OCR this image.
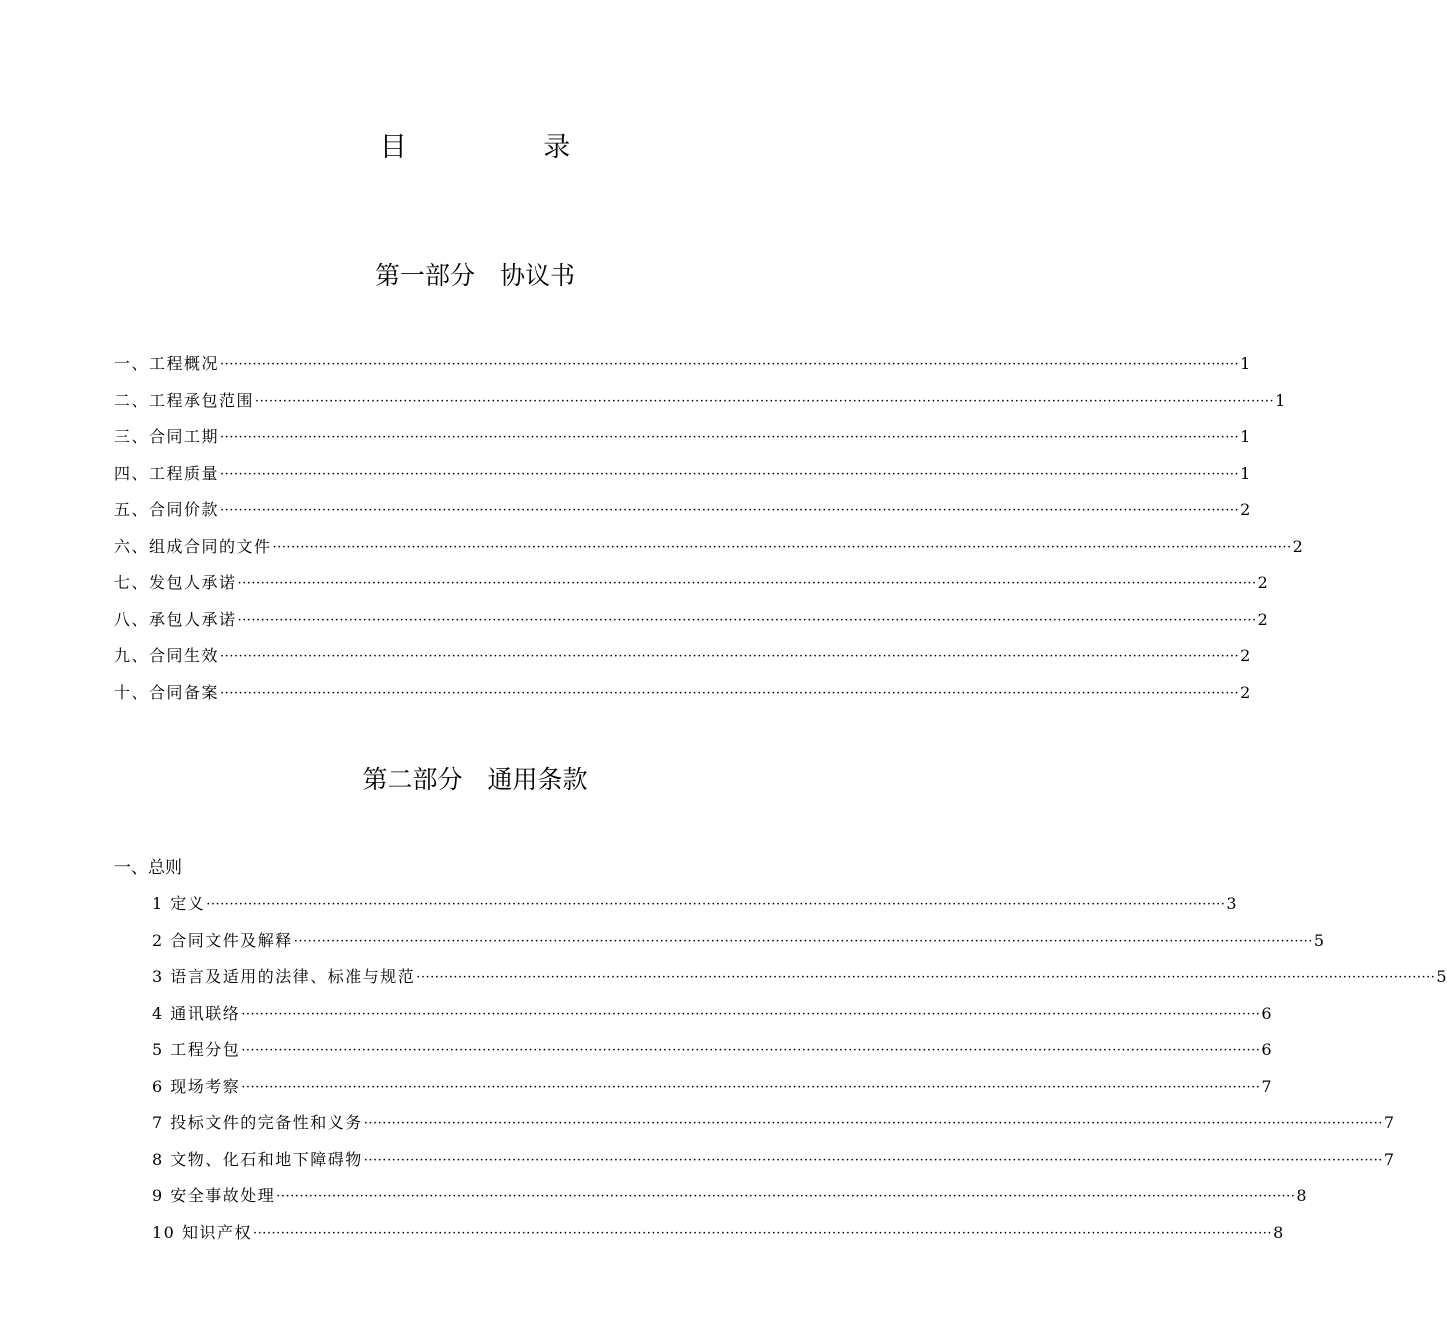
目 录
第一部分　协议书
一、工程概况 ···························································································································································································································· 1
二、工程承包范围 ···························································································································································································································· 1
三、合同工期 ···························································································································································································································· 1
四、工程质量 ···························································································································································································································· 1
五、合同价款 ···························································································································································································································· 2
六、组成合同的文件 ···························································································································································································································· 2
七、发包人承诺 ···························································································································································································································· 2
八、承包人承诺 ···························································································································································································································· 2
九、合同生效 ···························································································································································································································· 2
十、合同备案 ···························································································································································································································· 2
第二部分　通用条款
一、总则
1 定义 ···························································································································································································································· 3
2 合同文件及解释 ···························································································································································································································· 5
3 语言及适用的法律、标准与规范 ···························································································································································································································· 5
4 通讯联络 ···························································································································································································································· 6
5 工程分包 ···························································································································································································································· 6
6 现场考察 ···························································································································································································································· 7
7 投标文件的完备性和义务 ···························································································································································································································· 7
8 文物、化石和地下障碍物 ···························································································································································································································· 7
9 安全事故处理 ···························································································································································································································· 8
10 知识产权 ···························································································································································································································· 8
